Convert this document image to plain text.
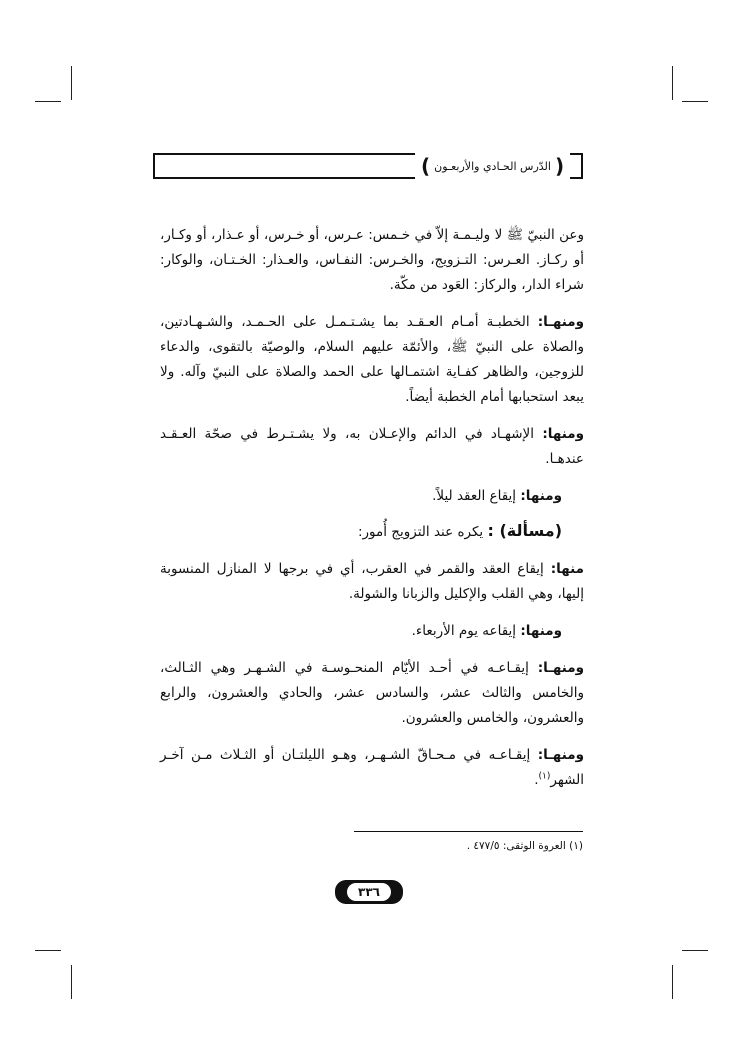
(
الدّرس الحـادي والأربعـون
)

وعن النبيّ ﷺ لا وليـمـة إلاّ في خـمس: عـرس، أو خـرس، أو عـذار، أو وكـار، أو ركـاز. العـرس: التـزويج، والخـرس: النفـاس، والعـذار: الخـتـان، والوكار: شراء الدار، والركاز: العَود من مكّة.

ومنهـا: الخطبـة أمـام العـقـد بما يشـتـمـل على الحـمـد، والشـهـادتين، والصلاة على النبيّ ﷺ، والأئمّة عليهم السلام، والوصيّة بالتقوى، والدعاء للزوجين، والظاهر كفـاية اشتمـالها على الحمد والصلاة على النبيّ وآله. ولا يبعد استحبابها أمام الخطبة أيضاً.

ومنها: الإشهـاد في الدائم والإعـلان به، ولا يشـتـرط في صحّة العـقـد عندهـا.

ومنها: إيقاع العقد ليلاً.

(مسألة) : يكره عند التزويج أُمور:

منها: إيقاع العقد والقمر في العقرب، أي في برجها لا المنازل المنسوبة إليها، وهي القلب والإكليل والزبانا والشولة.

ومنها: إيقاعه يوم الأربعاء.

ومنهـا: إيقـاعـه في أحـد الأيّام المنحـوسـة في الشـهـر وهي الثـالث، والخامس والثالث عشر، والسادس عشر، والحادي والعشرون، والرابع والعشرون، والخامس والعشرون.

ومنهـا: إيقـاعـه في مـحـاقّ الشـهـر، وهـو الليلتـان أو الثـلاث مـن آخـر الشهر$^{(١)}$.

(١) العروة الوثقى: ٤٧٧/٥ .
٣٣٦
